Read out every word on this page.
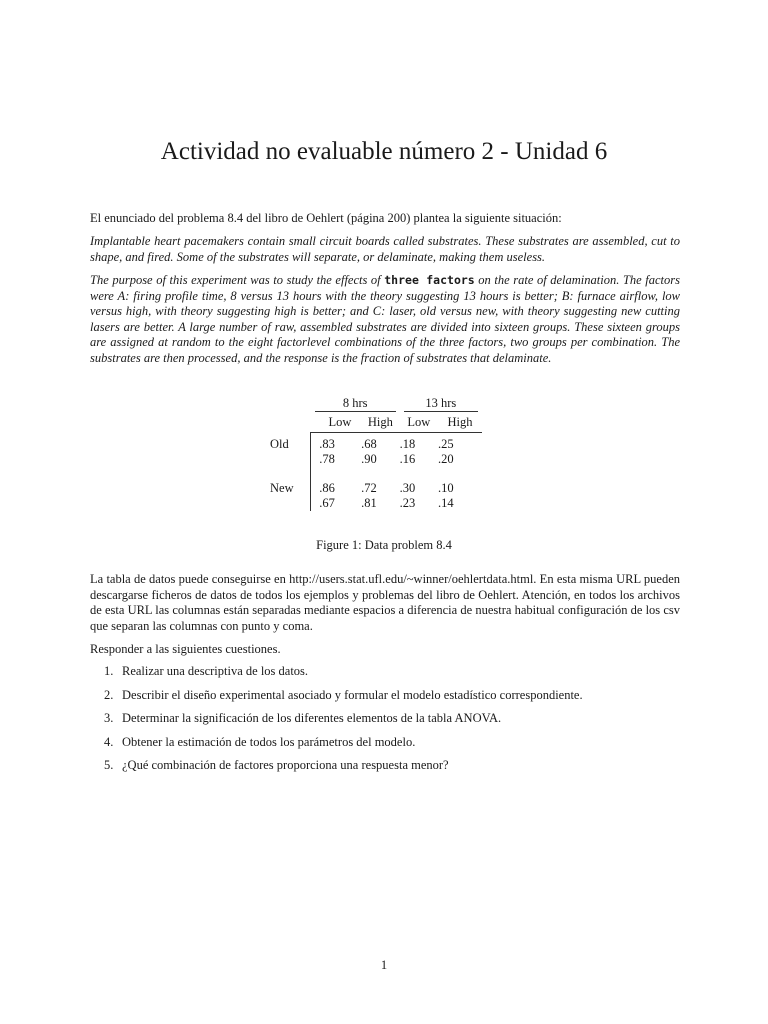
Actividad no evaluable número 2 - Unidad 6

El enunciado del problema 8.4 del libro de Oehlert (página 200) plantea la siguiente situación:

Implantable heart pacemakers contain small circuit boards called substrates. These substrates are assembled, cut to shape, and fired. Some of the substrates will separate, or delaminate, making them useless.

The purpose of this experiment was to study the effects of three factors on the rate of delamination. The factors were A: firing profile time, 8 versus 13 hours with the theory suggesting 13 hours is better; B: furnace airflow, low versus high, with theory suggesting high is better; and C: laser, old versus new, with theory suggesting new cutting lasers are better. A large number of raw, assembled substrates are divided into sixteen groups. These sixteen groups are assigned at random to the eight factorlevel combinations of the three factors, two groups per combination. The substrates are then processed, and the response is the fraction of substrates that delaminate.

	8 hrs		13 hrs	

	Low	High	Low	High

Old	.83	.68	.18	.25
	.78	.90	.16	.20

New	.86	.72	.30	.10
	.67	.81	.23	.14

Figure 1: Data problem 8.4

La tabla de datos puede conseguirse en http://users.stat.ufl.edu/~winner/oehlertdata.html. En esta misma URL pueden descargarse ficheros de datos de todos los ejemplos y problemas del libro de Oehlert. Atención, en todos los archivos de esta URL las columnas están separadas mediante espacios a diferencia de nuestra habitual configuración de los csv que separan las columnas con punto y coma.

Responder a las siguientes cuestiones.

1. Realizar una descriptiva de los datos.
2. Describir el diseño experimental asociado y formular el modelo estadístico correspondiente.
3. Determinar la significación de los diferentes elementos de la tabla ANOVA.
4. Obtener la estimación de todos los parámetros del modelo.
5. ¿Qué combinación de factores proporciona una respuesta menor?

1
